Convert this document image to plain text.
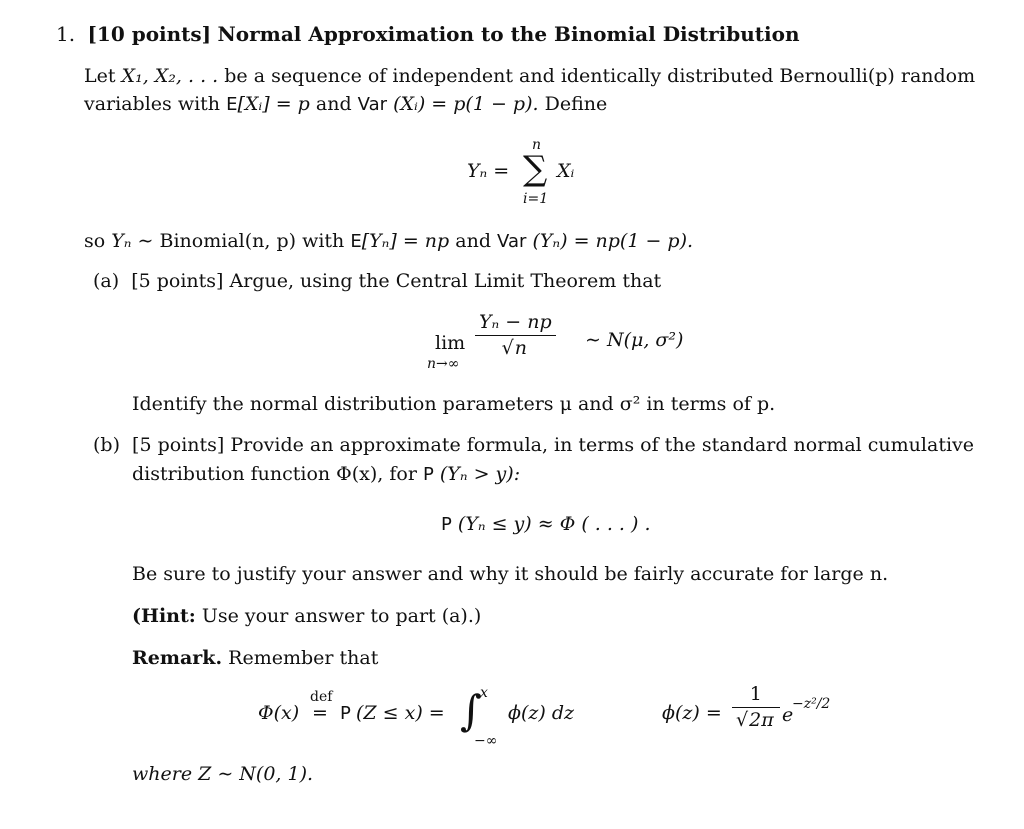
1. [10 points] Normal Approximation to the Binomial Distribution
Let X₁, X₂, . . . be a sequence of independent and identically distributed Bernoulli(p) random
variables with E[Xᵢ] = p and Var (Xᵢ) = p(1 − p). Define
Yₙ =
n
∑
i=1
Xᵢ
so Yₙ ∼ Binomial(n, p) with E[Yₙ] = np and Var (Yₙ) = np(1 − p).
(a) [5 points] Argue, using the Central Limit Theorem that
lim
n→∞
$\frac{\text{Yₙ − np}}{√n}$ ∼ N(μ, σ²)
Identify the normal distribution parameters μ and σ² in terms of p.
(b) [5 points] Provide an approximate formula, in terms of the standard normal cumulative
distribution function Φ(x), for P (Yₙ > y):
P (Yₙ ≤ y) ≈ Φ ( . . . ) .
Be sure to justify your answer and why it should be fairly accurate for large n.
(Hint: Use your answer to part (a).)
Remark. Remember that
Φ(x)
def
= P (Z ≤ x) =
x
∫
−∞
ϕ(z) dz	$\phi(z) = \frac{1}{√2\pi}$ e
−z²/2
where Z ∼ N(0, 1).
